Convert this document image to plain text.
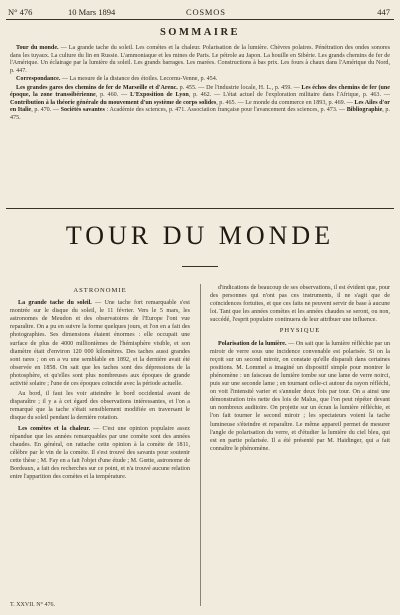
N° 476	10 Mars 1894	COSMOS	447
SOMMAIRE

Tour du monde. — La grande tache du soleil. Les comètes et la chaleur. Polarisation de la lumière. Chèvres polaires. Pénétration des ondes sonores dans les tuyaux. La culture du lin en Russie. L'ammoniaque et les mines de Paris. Le pétrole au Japon. La houille en Sibérie. Les grands chemins de fer de l'Amérique. Un éclairage par la lumière du soleil. Les grands barrages. Les marées. Constructions à bas prix. Les fours à chaux dans l'Amérique du Nord, p. 447.

Correspondance. — La mesure de la distance des étoiles. Lecornu-Venne, p. 454.

Les grandes gares des chemins de fer de Marseille et d'Arenc. p. 455. — De l'industrie locale, H. L., p. 459. — Les échos des chemins de fer (une époque, la zone transsibérienne, p. 460. — L'Exposition de Lyon, p. 462. — L'état actuel de l'exploration militaire dans l'Afrique, p. 463. — Contribution à la théorie générale du mouvement d'un système de corps solides, p. 465. — Le monde du commerce en 1893, p. 469. — Les Ailes d'or en Italie, p. 470. — Sociétés savantes : Académie des sciences, p. 471. Association française pour l'avancement des sciences, p. 473. — Bibliographie, p. 475.

TOUR DU MONDE
ASTRONOMIE

La grande tache du soleil. — Une tache fort remarquable s'est montrée sur le disque du soleil, le 11 février. Vers le 5 mars, les astronomes de Meudon et des observatoires de l'Europe l'ont vue reparaître. On a pu en suivre la forme quelques jours, et l'on en a fait des photographies. Ses dimensions étaient énormes : elle occupait une surface de plus de 4000 millionièmes de l'hémisphère visible, et son diamètre était d'environ 120 000 kilomètres. Des taches aussi grandes sont rares ; on en a vu une semblable en 1892, et la dernière avait été observée en 1858. On sait que les taches sont des dépressions de la photosphère, et qu'elles sont plus nombreuses aux époques de grande activité solaire ; l'une de ces époques coïncide avec la période actuelle.

Au bord, il faut les voir atteindre le bord occidental avant de disparaître ; il y a à cet égard des observations intéressantes, et l'on a remarqué que la tache s'était sensiblement modifiée en traversant le disque du soleil pendant la dernière rotation.

Les comètes et la chaleur. — C'est une opinion populaire assez répandue que les années remarquables par une comète sont des années chaudes. En général, on rattache cette opinion à la comète de 1811, célèbre par le vin de la comète. Il s'est trouvé des savants pour soutenir cette thèse ; M. Fay en a fait l'objet d'une étude ; M. Gœtte, astronome de Bordeaux, a fait des recherches sur ce point, et n'a trouvé aucune relation entre l'apparition des comètes et la température.

d'indications de beaucoup de ses observations, il est évident que, pour des personnes qui n'ont pas ces instruments, il ne s'agit que de coïncidences fortuites, et que ces faits ne peuvent servir de base à aucune loi. Tant que les années comètes et les années chaudes se seront, ou non, succédé, l'esprit populaire continuera de leur attribuer une influence.

PHYSIQUE

Polarisation de la lumière. — On sait que la lumière réfléchie par un miroir de verre sous une incidence convenable est polarisée. Si on la reçoit sur un second miroir, on constate qu'elle disparaît dans certaines positions. M. Lommel a imaginé un dispositif simple pour montrer le phénomène : un faisceau de lumière tombe sur une lame de verre noirci, puis sur une seconde lame ; en tournant celle-ci autour du rayon réfléchi, on voit l'intensité varier et s'annuler deux fois par tour. On a ainsi une démonstration très nette des lois de Malus, que l'on peut répéter devant un nombreux auditoire. On projette sur un écran la lumière réfléchie, et l'on fait tourner le second miroir ; les spectateurs voient la tache lumineuse s'éteindre et reparaître. Le même appareil permet de mesurer l'angle de polarisation du verre, et d'étudier la lumière du ciel bleu, qui est en partie polarisée. Il a été présenté par M. Haidinger, qui a fait connaître le phénomène.

T. XXVII. N° 476.
